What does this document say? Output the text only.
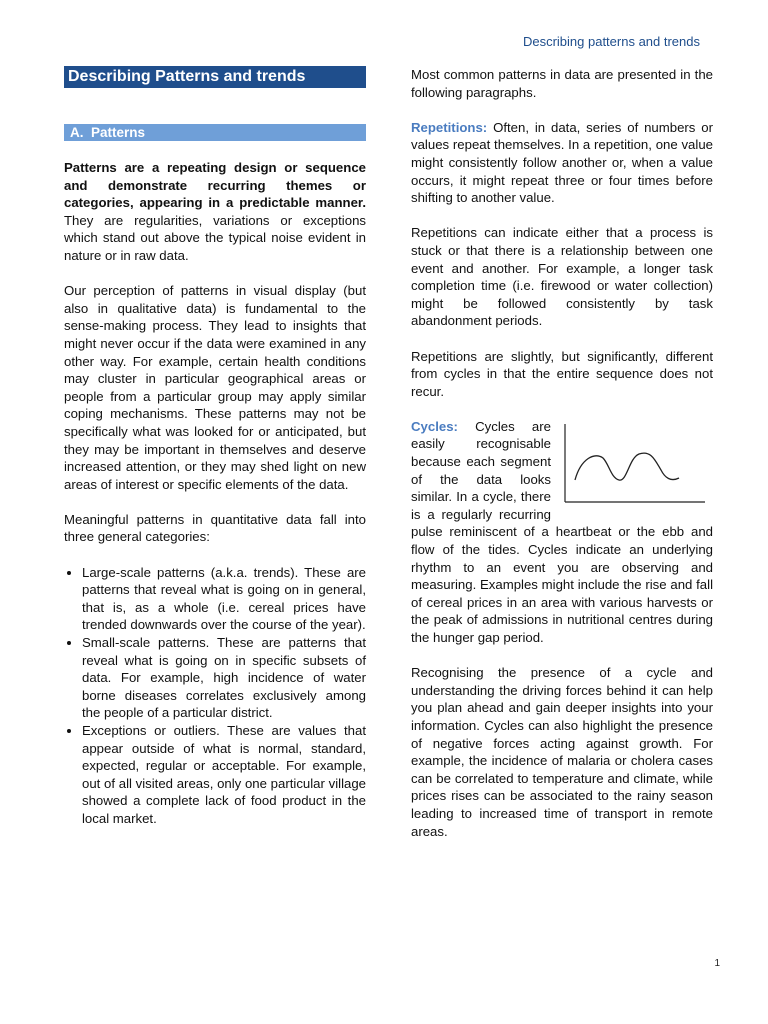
Describing patterns and trends
Describing Patterns and trends
A. Patterns

Patterns are a repeating design or sequence and demonstrate recurring themes or categories, appearing in a predictable manner. They are regularities, variations or exceptions which stand out above the typical noise evident in nature or in raw data.

Our perception of patterns in visual display (but also in qualitative data) is fundamental to the sense-making process. They lead to insights that might never occur if the data were examined in any other way. For example, certain health conditions may cluster in particular geographical areas or people from a particular group may apply similar coping mechanisms. These patterns may not be specifically what was looked for or anticipated, but they may be important in themselves and deserve increased attention, or they may shed light on new areas of interest or specific elements of the data.

Meaningful patterns in quantitative data fall into three general categories:

• Large-scale patterns (a.k.a. trends). These are patterns that reveal what is going on in general, that is, as a whole (i.e. cereal prices have trended downwards over the course of the year).
• Small-scale patterns. These are patterns that reveal what is going on in specific subsets of data. For example, high incidence of water borne diseases correlates exclusively among the people of a particular district.
• Exceptions or outliers. These are values that appear outside of what is normal, standard, expected, regular or acceptable. For example, out of all visited areas, only one particular village showed a complete lack of food product in the local market.

Most common patterns in data are presented in the following paragraphs.

Repetitions: Often, in data, series of numbers or values repeat themselves. In a repetition, one value might consistently follow another or, when a value occurs, it might repeat three or four times before shifting to another value.

Repetitions can indicate either that a process is stuck or that there is a relationship between one event and another. For example, a longer task completion time (i.e. firewood or water collection) might be followed consistently by task abandonment periods.

Repetitions are slightly, but significantly, different from cycles in that the entire sequence does not recur.

Cycles: Cycles are easily recognisable because each segment of the data looks similar. In a cycle, there is a regularly recurring pulse reminiscent of a heartbeat or the ebb and flow of the tides. Cycles indicate an underlying rhythm to an event you are observing and measuring. Examples might include the rise and fall of cereal prices in an area with various harvests or the peak of admissions in nutritional centres during the hunger gap period.

Recognising the presence of a cycle and understanding the driving forces behind it can help you plan ahead and gain deeper insights into your information. Cycles can also highlight the presence of negative forces acting against growth. For example, the incidence of malaria or cholera cases can be correlated to temperature and climate, while prices rises can be associated to the rainy season leading to increased time of transport in remote areas.

1
